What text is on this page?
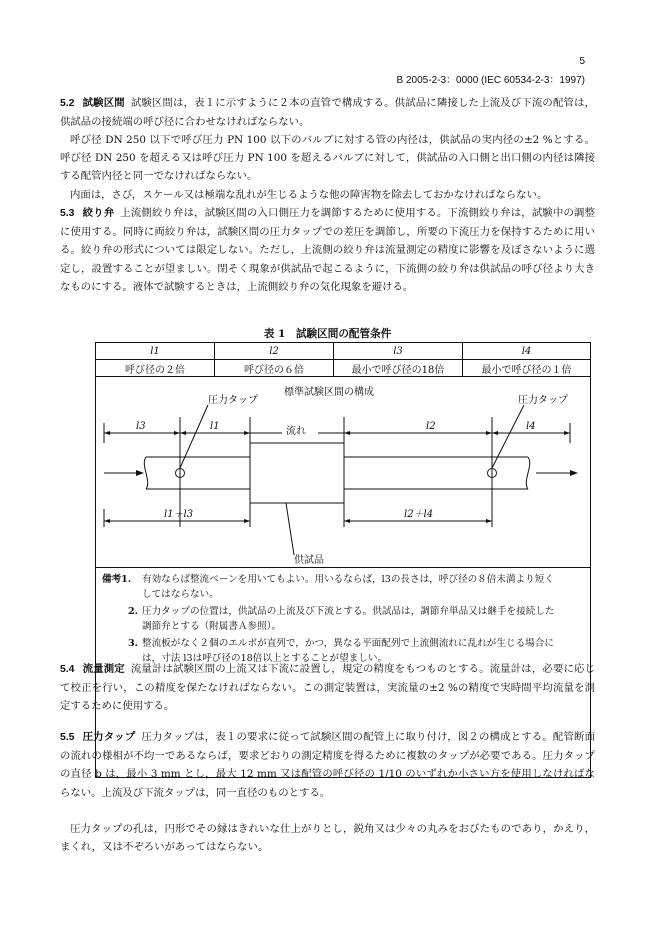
5
B 2005-2-3：0000 (IEC 60534-2-3：1997)
5.2 試験区間 試験区間は，表１に示すように２本の直管で構成する。供試品に隣接した上流及び下流の配管は，供試品の接続端の呼び径に合わせなければならない。
呼び径 DN 250 以下で呼び圧力 PN 100 以下のバルブに対する管の内径は，供試品の実内径の±2 %とする。呼び径 DN 250 を超える又は呼び圧力 PN 100 を超えるバルブに対して，供試品の入口側と出口側の内径は隣接する配管内径と同一でなければならない。
内面は，さび，スケール又は極端な乱れが生じるような他の障害物を除去しておかなければならない。
5.3 絞り弁 上流側絞り弁は，試験区間の入口側圧力を調節するために使用する。下流側絞り弁は，試験中の調整に使用する。同時に両絞り弁は，試験区間の圧力タップでの差圧を調節し，所要の下流圧力を保持するために用いる。絞り弁の形式については限定しない。ただし，上流側の絞り弁は流量測定の精度に影響を及ぼさないように選定し，設置することが望ましい。閉そく現象が供試品で起こるように，下流側の絞り弁は供試品の呼び径より大きなものにする。液体で試験するときは，上流側絞り弁の気化現象を避ける。
表 1　試験区間の配管条件
l1	l2	l3	l4
呼び径の２倍	呼び径の６倍	最小で呼び径の18倍	最小で呼び径の１倍
圧力タップ	圧力タップ
標準試験区間の構成
流れ
l3	l1	l2	l4
l1＋l3	l2＋l4
供試品
備考1. 有効ならば整流ベーンを用いてもよい。用いるならば，l3の長さは，呼び径の８倍未満より短くしてはならない。
2. 圧力タップの位置は，供試品の上流及び下流とする。供試品は，調節弁単品又は継手を接続した調節弁とする（附属書Ａ参照）。
3. 整流板がなく２個のエルボが直列で，かつ，異なる平面配列で上流側流れに乱れが生じる場合には，寸法 l3は呼び径の18倍以上とすることが望ましい。
5.4 流量測定 流量計は試験区間の上流又は下流に設置し，規定の精度をもつものとする。流量計は，必要に応じて校正を行い，この精度を保たなければならない。この測定装置は，実流量の±2 %の精度で実時間平均流量を測定するために使用する。
5.5 圧力タップ 圧力タップは，表１の要求に従って試験区間の配管上に取り付け，図２の構成とする。配管断面の流れの様相が不均一であるならば，要求どおりの測定精度を得るために複数のタップが必要である。圧力タップの直径 b は，最小 3 mm とし，最大 12 mm 又は配管の呼び径の 1/10 のいずれか小さい方を使用しなければならない。上流及び下流タップは，同一直径のものとする。
圧力タップの孔は，円形でその縁はきれいな仕上がりとし，鋭角又は少々の丸みをおびたものであり，かえり，まくれ，又は不ぞろいがあってはならない。
